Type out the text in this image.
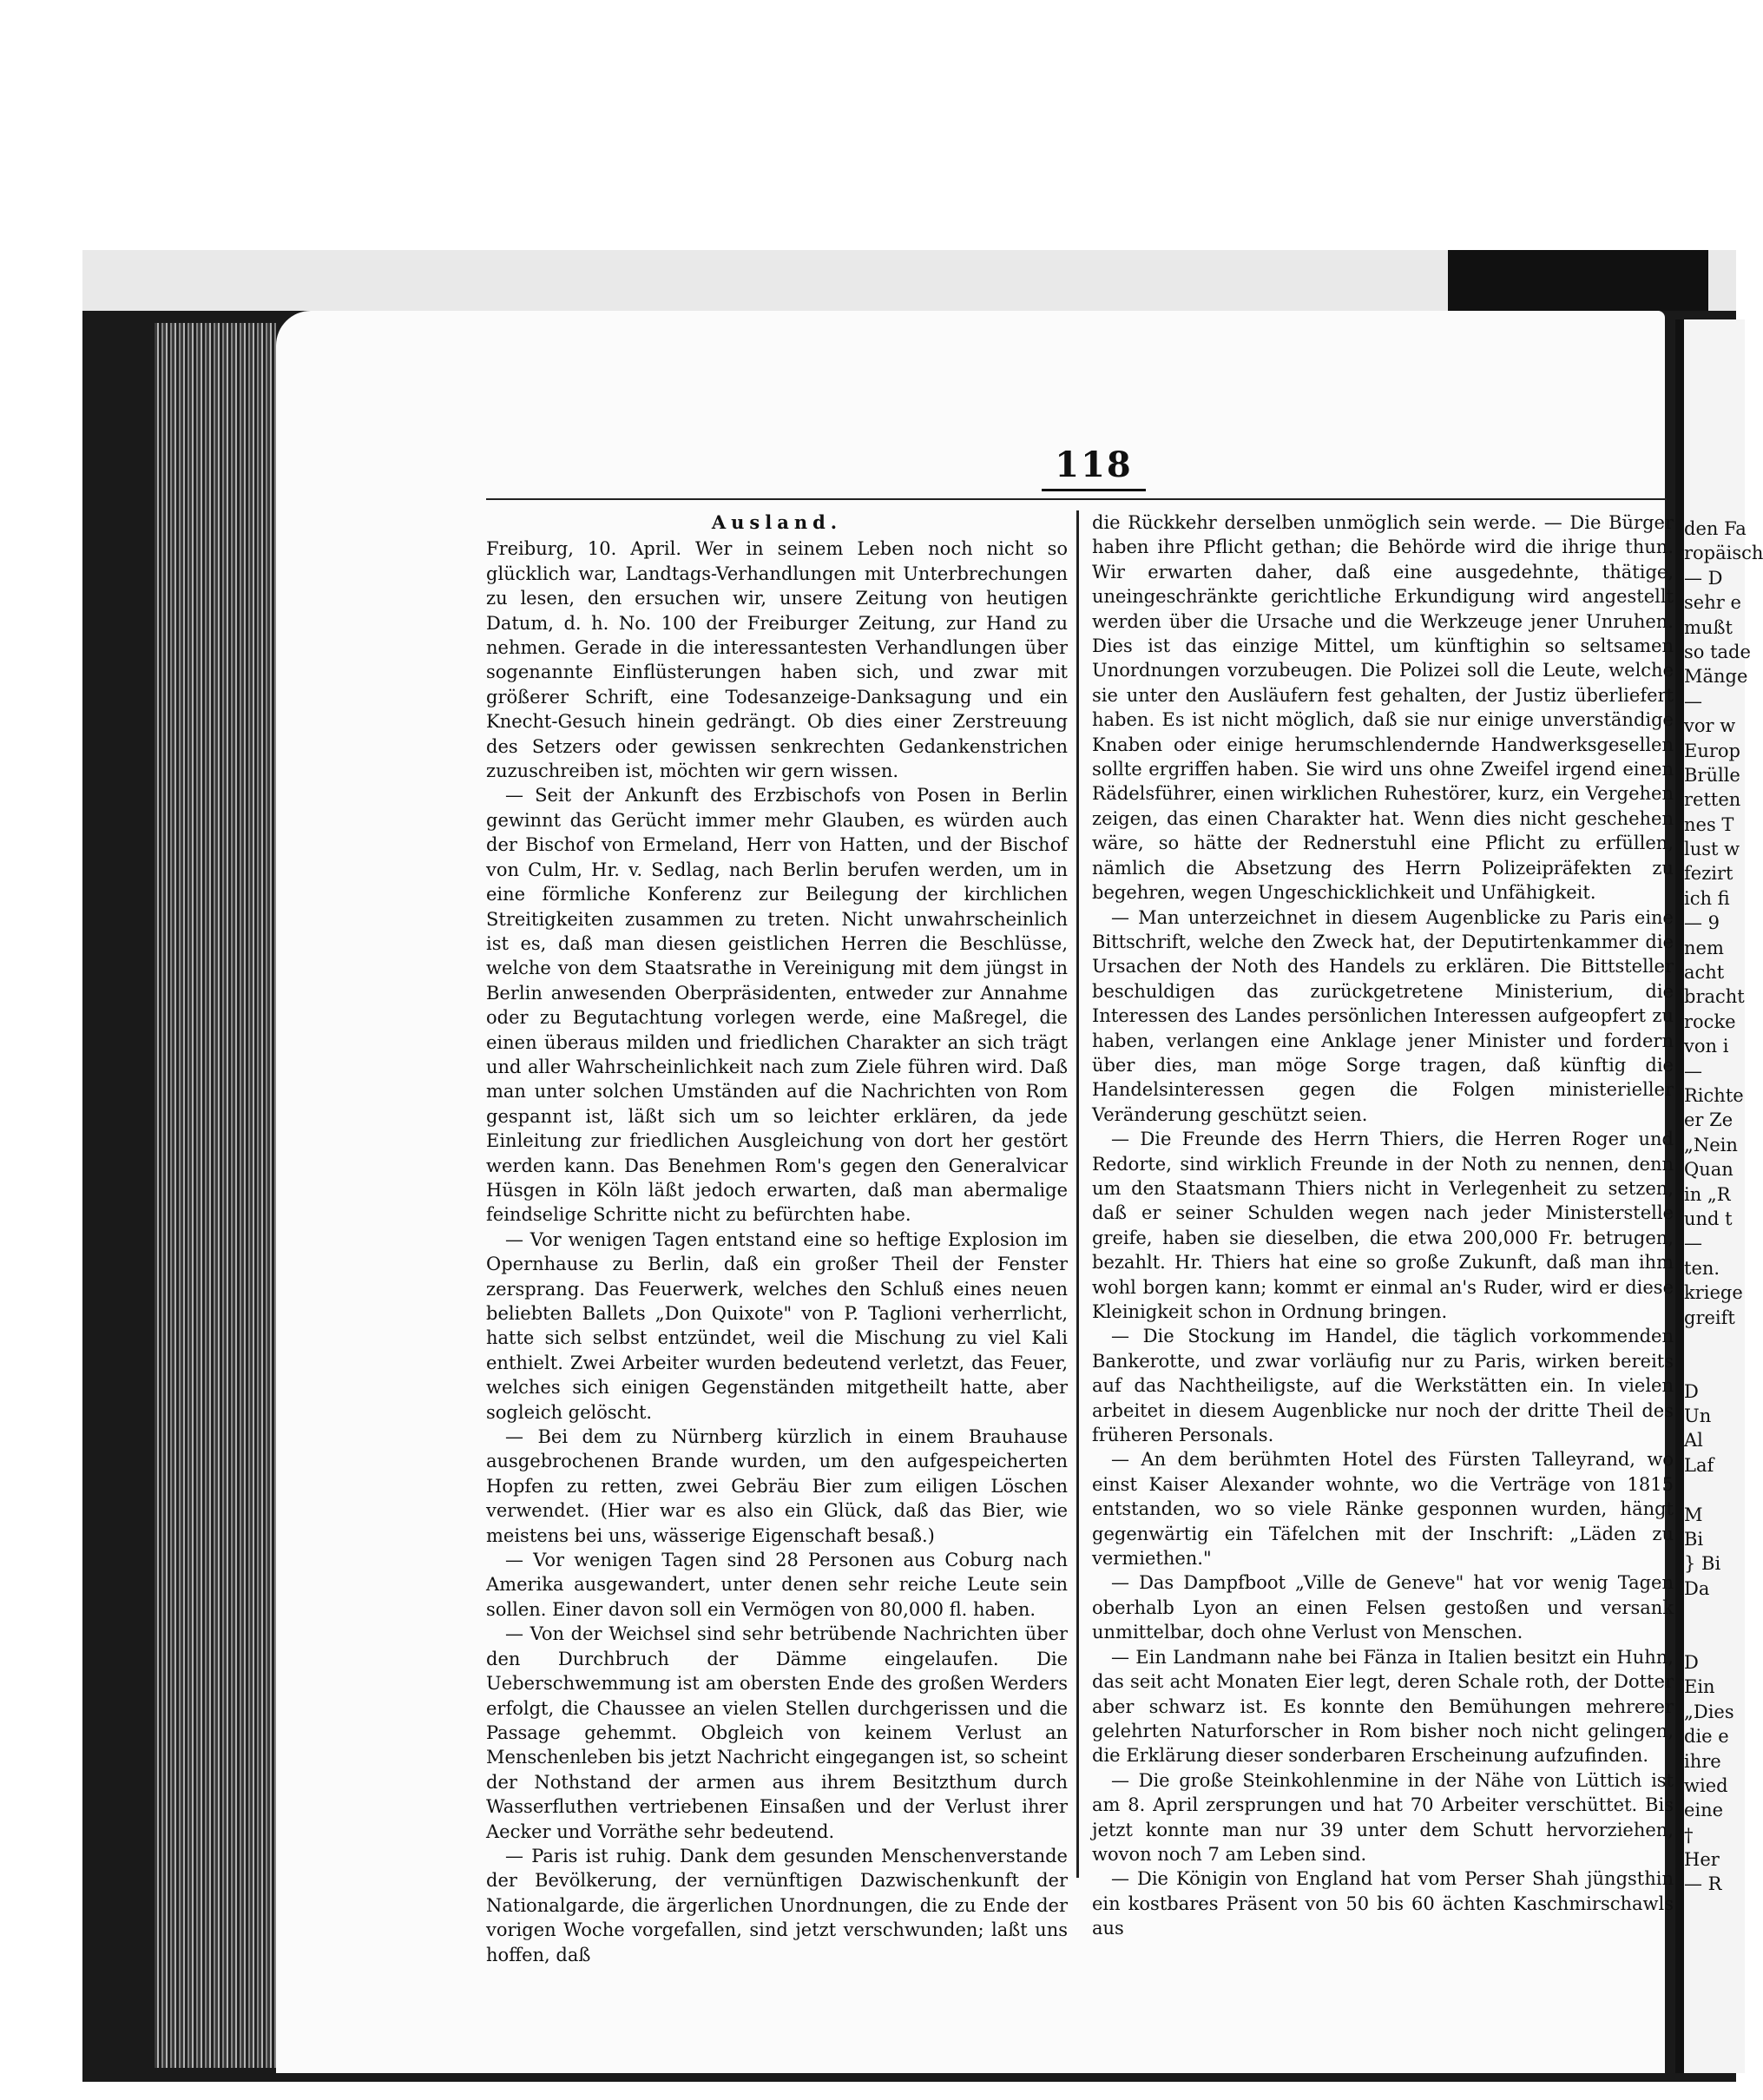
118
Ausland.

Freiburg, 10. April. Wer in seinem Leben noch nicht so glücklich war, Landtags-Verhandlungen mit Unterbrechungen zu lesen, den ersuchen wir, unsere Zeitung von heutigen Datum, d. h. No. 100 der Freiburger Zeitung, zur Hand zu nehmen. Gerade in die interessantesten Verhandlungen über sogenannte Einflüsterungen haben sich, und zwar mit größerer Schrift, eine Todesanzeige-Danksagung und ein Knecht-Gesuch hinein gedrängt. Ob dies einer Zerstreuung des Setzers oder gewissen senkrechten Gedankenstrichen zuzuschreiben ist, möchten wir gern wissen.

— Seit der Ankunft des Erzbischofs von Posen in Berlin gewinnt das Gerücht immer mehr Glauben, es würden auch der Bischof von Ermeland, Herr von Hatten, und der Bischof von Culm, Hr. v. Sedlag, nach Berlin berufen werden, um in eine förmliche Konferenz zur Beilegung der kirchlichen Streitigkeiten zusammen zu treten. Nicht unwahrscheinlich ist es, daß man diesen geistlichen Herren die Beschlüsse, welche von dem Staatsrathe in Vereinigung mit dem jüngst in Berlin anwesenden Oberpräsidenten, entweder zur Annahme oder zu Begutachtung vorlegen werde, eine Maßregel, die einen überaus milden und friedlichen Charakter an sich trägt und aller Wahrscheinlichkeit nach zum Ziele führen wird. Daß man unter solchen Umständen auf die Nachrichten von Rom gespannt ist, läßt sich um so leichter erklären, da jede Einleitung zur friedlichen Ausgleichung von dort her gestört werden kann. Das Benehmen Rom's gegen den Generalvicar Hüsgen in Köln läßt jedoch erwarten, daß man abermalige feindselige Schritte nicht zu befürchten habe.

— Vor wenigen Tagen entstand eine so heftige Explosion im Opernhause zu Berlin, daß ein großer Theil der Fenster zersprang. Das Feuerwerk, welches den Schluß eines neuen beliebten Ballets „Don Quixote" von P. Taglioni verherrlicht, hatte sich selbst entzündet, weil die Mischung zu viel Kali enthielt. Zwei Arbeiter wurden bedeutend verletzt, das Feuer, welches sich einigen Gegenständen mitgetheilt hatte, aber sogleich gelöscht.

— Bei dem zu Nürnberg kürzlich in einem Brauhause ausgebrochenen Brande wurden, um den aufgespeicherten Hopfen zu retten, zwei Gebräu Bier zum eiligen Löschen verwendet. (Hier war es also ein Glück, daß das Bier, wie meistens bei uns, wässerige Eigenschaft besaß.)

— Vor wenigen Tagen sind 28 Personen aus Coburg nach Amerika ausgewandert, unter denen sehr reiche Leute sein sollen. Einer davon soll ein Vermögen von 80,000 fl. haben.

— Von der Weichsel sind sehr betrübende Nachrichten über den Durchbruch der Dämme eingelaufen. Die Ueberschwemmung ist am obersten Ende des großen Werders erfolgt, die Chaussee an vielen Stellen durchgerissen und die Passage gehemmt. Obgleich von keinem Verlust an Menschenleben bis jetzt Nachricht eingegangen ist, so scheint der Nothstand der armen aus ihrem Besitzthum durch Wasserfluthen vertriebenen Einsaßen und der Verlust ihrer Aecker und Vorräthe sehr bedeutend.

— Paris ist ruhig. Dank dem gesunden Menschenverstande der Bevölkerung, der vernünftigen Dazwischenkunft der Nationalgarde, die ärgerlichen Unordnungen, die zu Ende der vorigen Woche vorgefallen, sind jetzt verschwunden; laßt uns hoffen, daß

die Rückkehr derselben unmöglich sein werde. — Die Bürger haben ihre Pflicht gethan; die Behörde wird die ihrige thun. Wir erwarten daher, daß eine ausgedehnte, thätige, uneingeschränkte gerichtliche Erkundigung wird angestellt werden über die Ursache und die Werkzeuge jener Unruhen. Dies ist das einzige Mittel, um künftighin so seltsamen Unordnungen vorzubeugen. Die Polizei soll die Leute, welche sie unter den Ausläufern fest gehalten, der Justiz überliefert haben. Es ist nicht möglich, daß sie nur einige unverständige Knaben oder einige herumschlendernde Handwerksgesellen sollte ergriffen haben. Sie wird uns ohne Zweifel irgend einen Rädelsführer, einen wirklichen Ruhestörer, kurz, ein Vergehen zeigen, das einen Charakter hat. Wenn dies nicht geschehen wäre, so hätte der Rednerstuhl eine Pflicht zu erfüllen, nämlich die Absetzung des Herrn Polizeipräfekten zu begehren, wegen Ungeschicklichkeit und Unfähigkeit.

— Man unterzeichnet in diesem Augenblicke zu Paris eine Bittschrift, welche den Zweck hat, der Deputirtenkammer die Ursachen der Noth des Handels zu erklären. Die Bittsteller beschuldigen das zurückgetretene Ministerium, die Interessen des Landes persönlichen Interessen aufgeopfert zu haben, verlangen eine Anklage jener Minister und fordern über dies, man möge Sorge tragen, daß künftig die Handelsinteressen gegen die Folgen ministerieller Veränderung geschützt seien.

— Die Freunde des Herrn Thiers, die Herren Roger und Redorte, sind wirklich Freunde in der Noth zu nennen, denn um den Staatsmann Thiers nicht in Verlegenheit zu setzen, daß er seiner Schulden wegen nach jeder Ministerstelle greife, haben sie dieselben, die etwa 200,000 Fr. betrugen, bezahlt. Hr. Thiers hat eine so große Zukunft, daß man ihm wohl borgen kann; kommt er einmal an's Ruder, wird er diese Kleinigkeit schon in Ordnung bringen.

— Die Stockung im Handel, die täglich vorkommenden Bankerotte, und zwar vorläufig nur zu Paris, wirken bereits auf das Nachtheiligste, auf die Werkstätten ein. In vielen arbeitet in diesem Augenblicke nur noch der dritte Theil des früheren Personals.

— An dem berühmten Hotel des Fürsten Talleyrand, wo einst Kaiser Alexander wohnte, wo die Verträge von 1815 entstanden, wo so viele Ränke gesponnen wurden, hängt gegenwärtig ein Täfelchen mit der Inschrift: „Läden zu vermiethen."

— Das Dampfboot „Ville de Geneve" hat vor wenig Tagen oberhalb Lyon an einen Felsen gestoßen und versank unmittelbar, doch ohne Verlust von Menschen.

— Ein Landmann nahe bei Fänza in Italien besitzt ein Huhn, das seit acht Monaten Eier legt, deren Schale roth, der Dotter aber schwarz ist. Es konnte den Bemühungen mehrerer gelehrten Naturforscher in Rom bisher noch nicht gelingen, die Erklärung dieser sonderbaren Erscheinung aufzufinden.

— Die große Steinkohlenmine in der Nähe von Lüttich ist am 8. April zersprungen und hat 70 Arbeiter verschüttet. Bis jetzt konnte man nur 39 unter dem Schutt hervorziehen, wovon noch 7 am Leben sind.

— Die Königin von England hat vom Perser Shah jüngsthin ein kostbares Präsent von 50 bis 60 ächten Kaschmirschawls aus

den Fa
ropäisch
— D
sehr e
mußt
so tade
Mänge
—
vor w
Europ
Brülle
retten
nes T
lust w
fezirt
ich fi
— 9
nem
acht
bracht
rocke
von i
—
Richte
er Ze
„Nein
Quan
in „R
und t
—
ten.
kriege
greift
D
Un
Al
Laf
M
Bi
} Bi
Da
D
Ein
„Dies
die e
ihre
wied
eine
†
Her
— R
